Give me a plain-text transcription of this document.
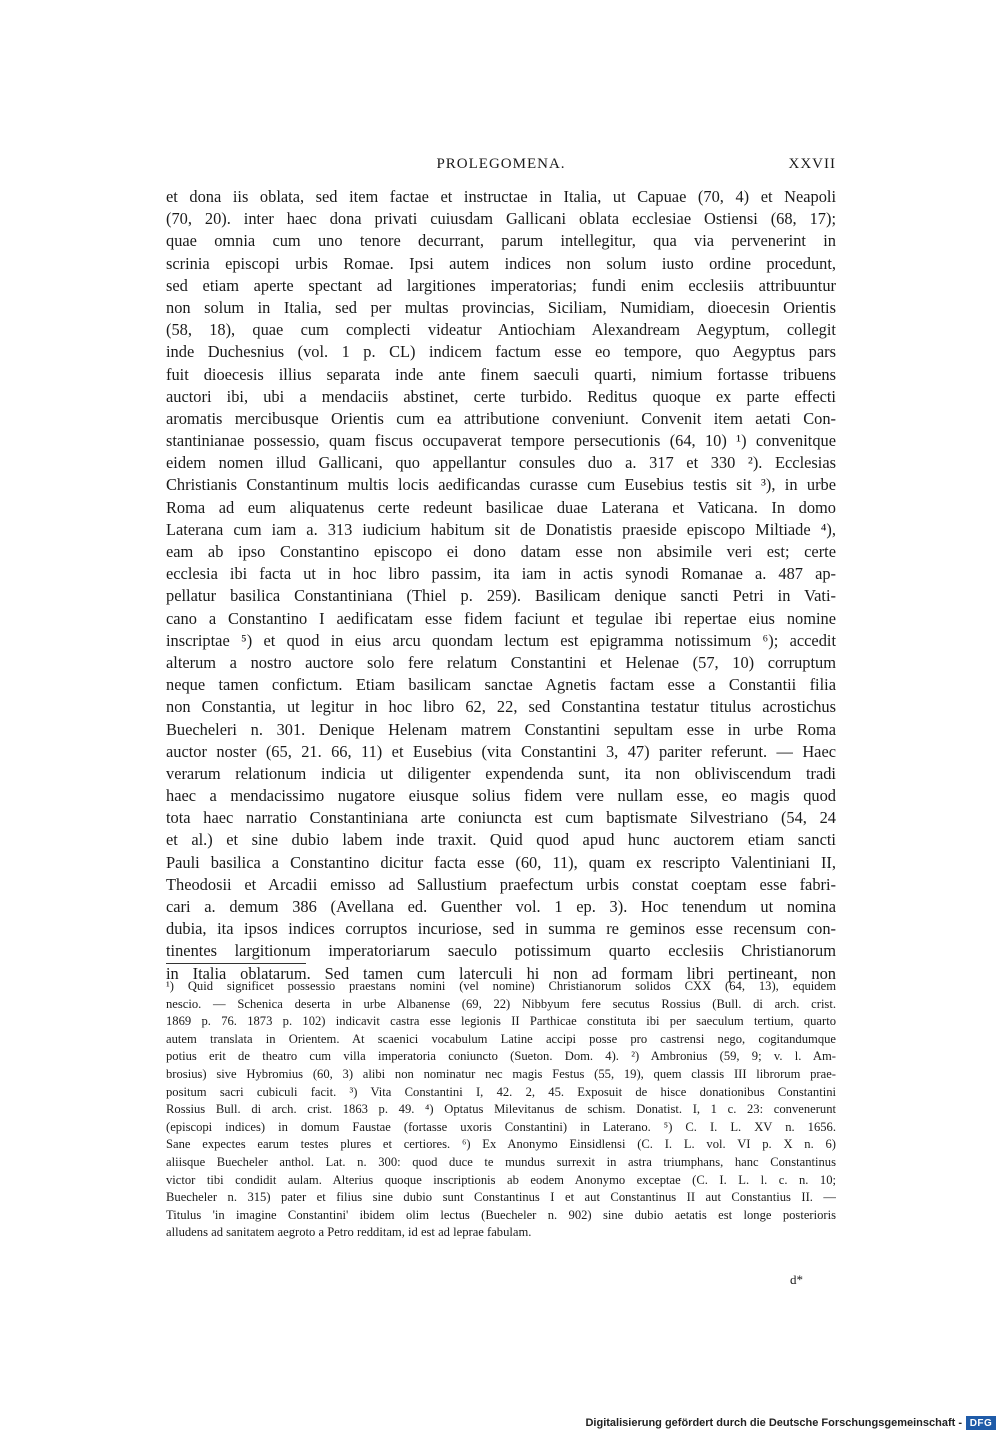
PROLEGOMENA.	XXVII
et dona iis oblata, sed item factae et instructae in Italia, ut Capuae (70, 4) et Neapoli
(70, 20). inter haec dona privati cuiusdam Gallicani oblata ecclesiae Ostiensi (68, 17);
quae omnia cum uno tenore decurrant, parum intellegitur, qua via pervenerint in
scrinia episcopi urbis Romae. Ipsi autem indices non solum iusto ordine procedunt,
sed etiam aperte spectant ad largitiones imperatorias; fundi enim ecclesiis attribuuntur
non solum in Italia, sed per multas provincias, Siciliam, Numidiam, dioecesin Orientis
(58, 18), quae cum complecti videatur Antiochiam Alexandream Aegyptum, collegit
inde Duchesnius (vol. 1 p. CL) indicem factum esse eo tempore, quo Aegyptus pars
fuit dioecesis illius separata inde ante finem saeculi quarti, nimium fortasse tribuens
auctori ibi, ubi a mendaciis abstinet, certe turbido. Reditus quoque ex parte effecti
aromatis mercibusque Orientis cum ea attributione conveniunt. Convenit item aetati Con-
stantinianae possessio, quam fiscus occupaverat tempore persecutionis (64, 10) ¹) convenitque
eidem nomen illud Gallicani, quo appellantur consules duo a. 317 et 330 ²). Ecclesias
Christianis Constantinum multis locis aedificandas curasse cum Eusebius testis sit ³), in urbe
Roma ad eum aliquatenus certe redeunt basilicae duae Laterana et Vaticana. In domo
Laterana cum iam a. 313 iudicium habitum sit de Donatistis praeside episcopo Miltiade ⁴),
eam ab ipso Constantino episcopo ei dono datam esse non absimile veri est; certe
ecclesia ibi facta ut in hoc libro passim, ita iam in actis synodi Romanae a. 487 ap-
pellatur basilica Constantiniana (Thiel p. 259). Basilicam denique sancti Petri in Vati-
cano a Constantino I aedificatam esse fidem faciunt et tegulae ibi repertae eius nomine
inscriptae ⁵) et quod in eius arcu quondam lectum est epigramma notissimum ⁶); accedit
alterum a nostro auctore solo fere relatum Constantini et Helenae (57, 10) corruptum
neque tamen confictum. Etiam basilicam sanctae Agnetis factam esse a Constantii filia
non Constantia, ut legitur in hoc libro 62, 22, sed Constantina testatur titulus acrostichus
Buecheleri n. 301. Denique Helenam matrem Constantini sepultam esse in urbe Roma
auctor noster (65, 21. 66, 11) et Eusebius (vita Constantini 3, 47) pariter referunt. — Haec
verarum relationum indicia ut diligenter expendenda sunt, ita non obliviscendum tradi
haec a mendacissimo nugatore eiusque solius fidem vere nullam esse, eo magis quod
tota haec narratio Constantiniana arte coniuncta est cum baptismate Silvestriano (54, 24
et al.) et sine dubio labem inde traxit. Quid quod apud hunc auctorem etiam sancti
Pauli basilica a Constantino dicitur facta esse (60, 11), quam ex rescripto Valentiniani II,
Theodosii et Arcadii emisso ad Sallustium praefectum urbis constat coeptam esse fabri-
cari a. demum 386 (Avellana ed. Guenther vol. 1 ep. 3). Hoc tenendum ut nomina
dubia, ita ipsos indices corruptos incuriose, sed in summa re geminos esse recensum con-
tinentes largitionum imperatoriarum saeculo potissimum quarto ecclesiis Christianorum
in Italia oblatarum. Sed tamen cum laterculi hi non ad formam libri pertineant, non
¹) Quid significet possessio praestans nomini (vel nomine) Christianorum solidos CXX (64, 13), equidem
nescio. — Schenica deserta in urbe Albanense (69, 22) Nibbyum fere secutus Rossius (Bull. di arch. crist.
1869 p. 76. 1873 p. 102) indicavit castra esse legionis II Parthicae constituta ibi per saeculum tertium, quarto
autem translata in Orientem. At scaenici vocabulum Latine accipi posse pro castrensi nego, cogitandumque
potius erit de theatro cum villa imperatoria coniuncto (Sueton. Dom. 4). ²) Ambronius (59, 9; v. l. Am-
brosius) sive Hybromius (60, 3) alibi non nominatur nec magis Festus (55, 19), quem classis III librorum prae-
positum sacri cubiculi facit. ³) Vita Constantini I, 42. 2, 45. Exposuit de hisce donationibus Constantini
Rossius Bull. di arch. crist. 1863 p. 49. ⁴) Optatus Milevitanus de schism. Donatist. I, 1 c. 23: convenerunt
(episcopi indices) in domum Faustae (fortasse uxoris Constantini) in Laterano. ⁵) C. I. L. XV n. 1656.
Sane expectes earum testes plures et certiores. ⁶) Ex Anonymo Einsidlensi (C. I. L. vol. VI p. X n. 6)
aliisque Buecheler anthol. Lat. n. 300: quod duce te mundus surrexit in astra triumphans, hanc Constantinus
victor tibi condidit aulam. Alterius quoque inscriptionis ab eodem Anonymo exceptae (C. I. L. l. c. n. 10;
Buecheler n. 315) pater et filius sine dubio sunt Constantinus I et aut Constantinus II aut Constantius II. —
Titulus 'in imagine Constantini' ibidem olim lectus (Buecheler n. 902) sine dubio aetatis est longe posterioris
alludens ad sanitatem aegroto a Petro redditam, id est ad leprae fabulam.
d*
Digitalisierung gefördert durch die Deutsche Forschungsgemeinschaft - DFG
